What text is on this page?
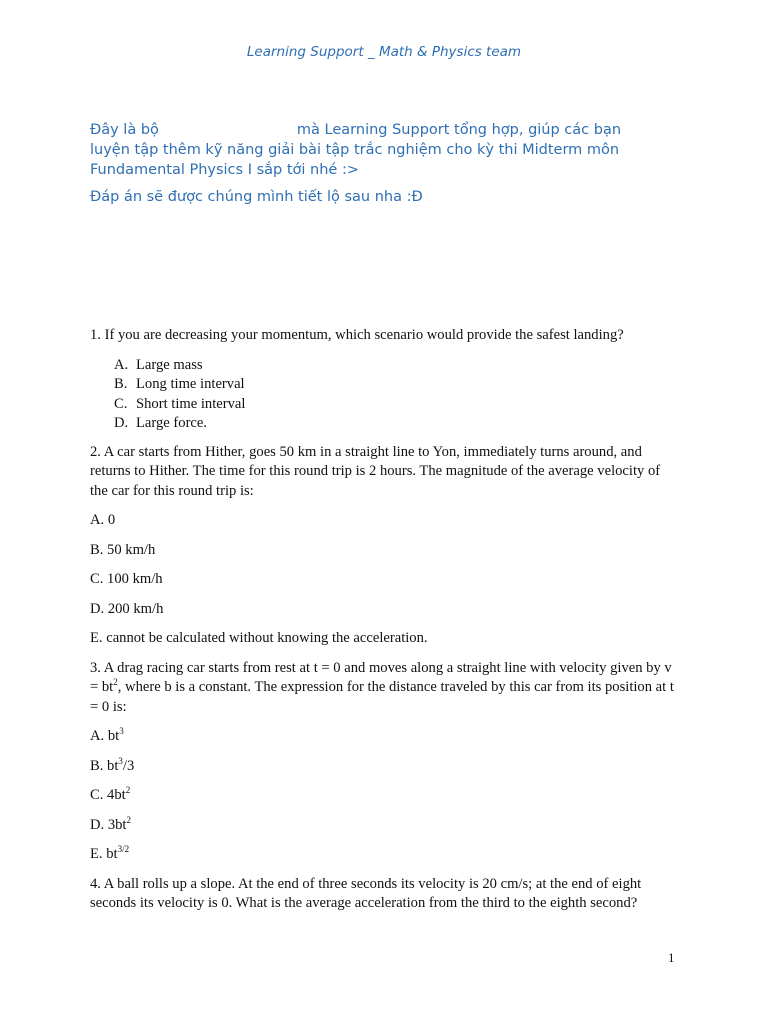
Learning Support _ Math & Physics team

Đây là bộ	mà Learning Support tổng hợp, giúp các bạn
luyện tập thêm kỹ năng giải bài tập trắc nghiệm cho kỳ thi Midterm môn
Fundamental Physics I sắp tới nhé :>

Đáp án sẽ được chúng mình tiết lộ sau nha :Đ

1. If you are decreasing your momentum, which scenario would provide the safest landing?

A. Large mass
B. Long time interval
C. Short time interval
D. Large force.

2. A car starts from Hither, goes 50 km in a straight line to Yon, immediately turns around, and returns to Hither. The time for this round trip is 2 hours. The magnitude of the average velocity of the car for this round trip is:

A. 0

B. 50 km/h

C. 100 km/h

D. 200 km/h

E. cannot be calculated without knowing the acceleration.

3. A drag racing car starts from rest at t = 0 and moves along a straight line with velocity given by $v = bt^2$, where b is a constant. The expression for the distance traveled by this car from its position at t = 0 is:

A. $bt^3$

B. $bt^3/3$

C. $4bt^2$

D. $3bt^2$

E. $bt^{3/2}$

4. A ball rolls up a slope. At the end of three seconds its velocity is 20 cm/s; at the end of eight seconds its velocity is 0. What is the average acceleration from the third to the eighth second?

1
